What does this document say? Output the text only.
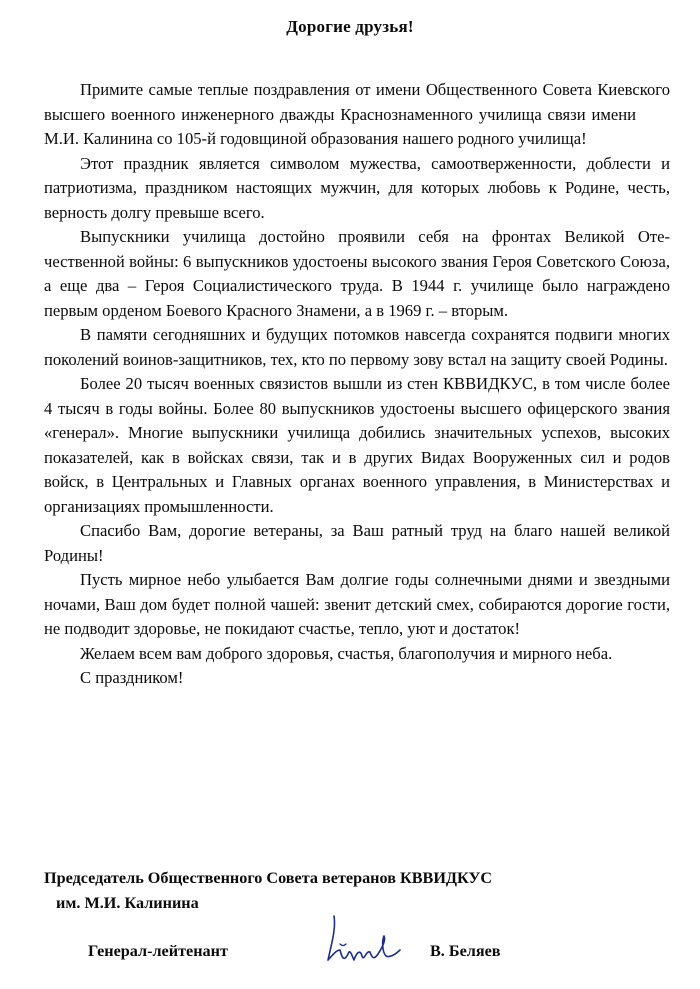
Дорогие друзья!

Примите самые теплые поздравления от имени Общественного Совета Киевского высшего военного инженерного дважды Краснознаменного училища связи имениМ.И. Калинина со 105-й годовщиной образования нашего родного училища!

Этот праздник является символом мужества, самоотверженности, доблести и патриотизма, праздником настоящих мужчин, для которых любовь к Родине, честь, верность долгу превыше всего.

Выпускники училища достойно проявили себя на фронтах Великой Отечественной войны: 6 выпускников удостоены высокого звания Героя Советского Союза, а еще два – Героя Социалистического труда. В 1944 г. училище было награждено первым орденом Боевого Красного Знамени, а в 1969 г. – вторым.

В памяти сегодняшних и будущих потомков навсегда сохранятся подвиги многих поколений воинов-защитников, тех, кто по первому зову встал на защиту своей Родины.

Более 20 тысяч военных связистов вышли из стен КВВИДКУС, в том числе более 4 тысяч в годы войны. Более 80 выпускников удостоены высшего офицерского звания «генерал». Многие выпускники училища добились значительных успехов, высоких показателей, как в войсках связи, так и в других Видах Вооруженных сил и родов войск, в Центральных и Главных органах военного управления, в Министерствах и организациях промышленности.

Спасибо Вам, дорогие ветераны, за Ваш ратный труд на благо нашей великой Родины!

Пусть мирное небо улыбается Вам долгие годы солнечными днями и звездными ночами, Ваш дом будет полной чашей: звенит детский смех, собираются дорогие гости, не подводит здоровье, не покидают счастье, тепло, уют и достаток!

Желаем всем вам доброго здоровья, счастья, благополучия и мирного неба.

С праздником!

Председатель Общественного Совета ветеранов КВВИДКУС
им. М.И. Калинина
Генерал-лейтенант	В. Беляев
